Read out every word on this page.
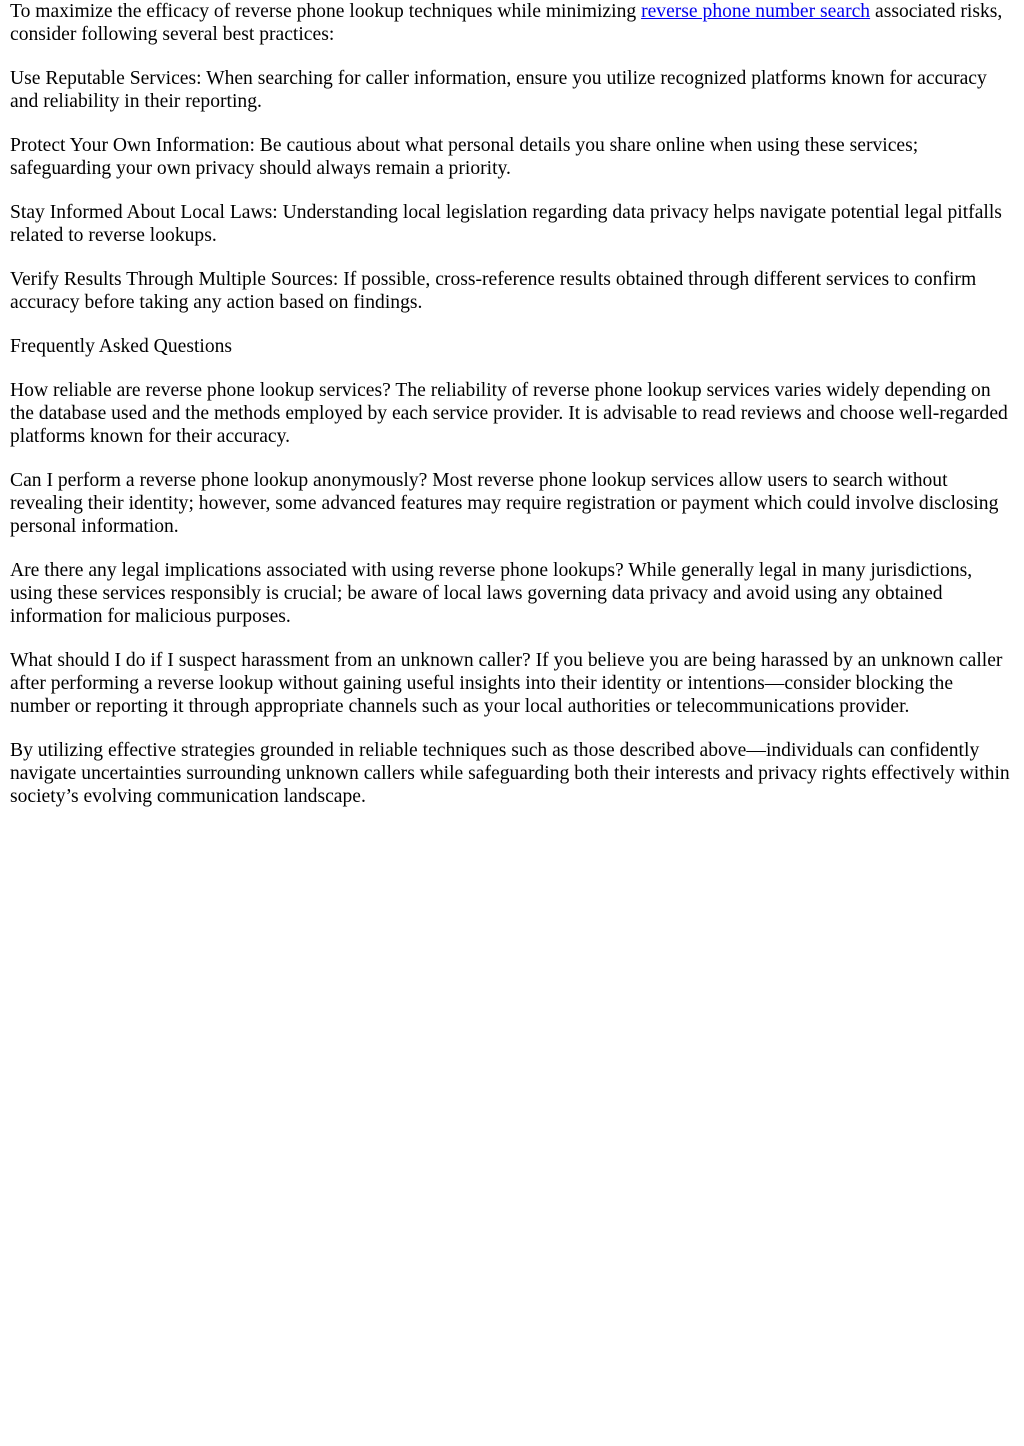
To maximize the efficacy of reverse phone lookup techniques while minimizing reverse phone number search associated risks, consider following several best practices:

Use Reputable Services: When searching for caller information, ensure you utilize recognized platforms known for accuracy and reliability in their reporting.

Protect Your Own Information: Be cautious about what personal details you share online when using these services; safeguarding your own privacy should always remain a priority.

Stay Informed About Local Laws: Understanding local legislation regarding data privacy helps navigate potential legal pitfalls related to reverse lookups.

Verify Results Through Multiple Sources: If possible, cross-reference results obtained through different services to confirm accuracy before taking any action based on findings.

Frequently Asked Questions

How reliable are reverse phone lookup services? The reliability of reverse phone lookup services varies widely depending on the database used and the methods employed by each service provider. It is advisable to read reviews and choose well-regarded platforms known for their accuracy.

Can I perform a reverse phone lookup anonymously? Most reverse phone lookup services allow users to search without revealing their identity; however, some advanced features may require registration or payment which could involve disclosing personal information.

Are there any legal implications associated with using reverse phone lookups? While generally legal in many jurisdictions, using these services responsibly is crucial; be aware of local laws governing data privacy and avoid using any obtained information for malicious purposes.

What should I do if I suspect harassment from an unknown caller? If you believe you are being harassed by an unknown caller after performing a reverse lookup without gaining useful insights into their identity or intentions—consider blocking the number or reporting it through appropriate channels such as your local authorities or telecommunications provider.

By utilizing effective strategies grounded in reliable techniques such as those described above—individuals can confidently navigate uncertainties surrounding unknown callers while safeguarding both their interests and privacy rights effectively within society’s evolving communication landscape.
